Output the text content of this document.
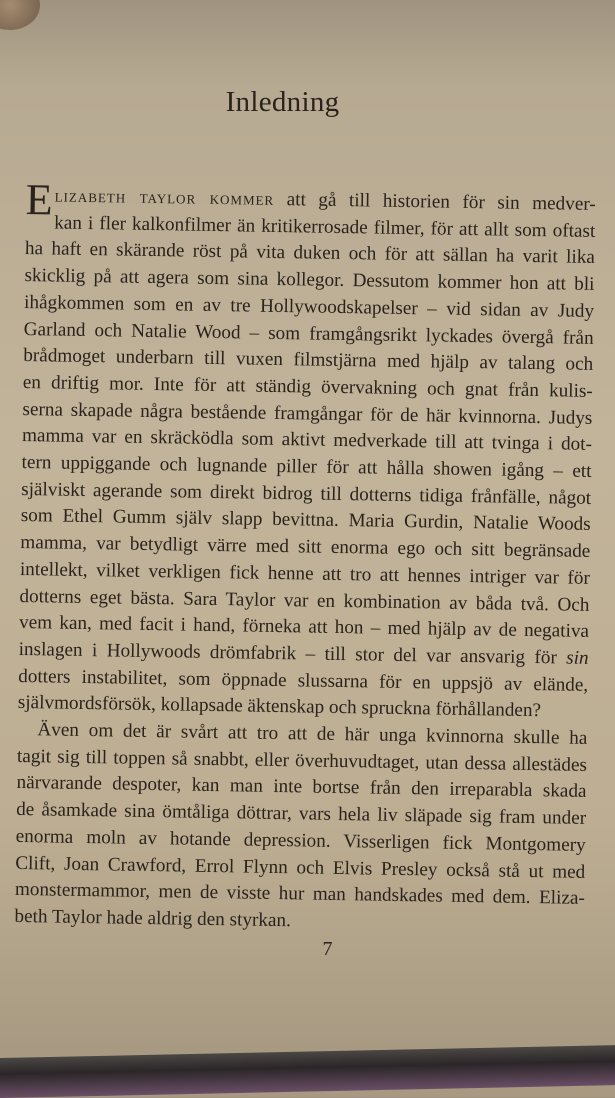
Inledning
Elizabeth taylor kommer att gå till historien för sin medver-
kan i fler kalkonfilmer än kritikerrosade filmer, för att allt som oftast
ha haft en skärande röst på vita duken och för att sällan ha varit lika
skicklig på att agera som sina kollegor. Dessutom kommer hon att bli
ihågkommen som en av tre Hollywoodskapelser – vid sidan av Judy
Garland och Natalie Wood – som framgångsrikt lyckades övergå från
brådmoget underbarn till vuxen filmstjärna med hjälp av talang och
en driftig mor. Inte för att ständig övervakning och gnat från kulis-
serna skapade några bestående framgångar för de här kvinnorna. Judys
mamma var en skräcködla som aktivt medverkade till att tvinga i dot-
tern uppiggande och lugnande piller för att hålla showen igång – ett
själviskt agerande som direkt bidrog till dotterns tidiga frånfälle, något
som Ethel Gumm själv slapp bevittna. Maria Gurdin, Natalie Woods
mamma, var betydligt värre med sitt enorma ego och sitt begränsade
intellekt, vilket verkligen fick henne att tro att hennes intriger var för
dotterns eget bästa. Sara Taylor var en kombination av båda två. Och
vem kan, med facit i hand, förneka att hon – med hjälp av de negativa
inslagen i Hollywoods drömfabrik – till stor del var ansvarig för sin
dotters instabilitet, som öppnade slussarna för en uppsjö av elände,
självmordsförsök, kollapsade äktenskap och spruckna förhållanden?
Även om det är svårt att tro att de här unga kvinnorna skulle ha
tagit sig till toppen så snabbt, eller överhuvudtaget, utan dessa allestädes
närvarande despoter, kan man inte bortse från den irreparabla skada
de åsamkade sina ömtåliga döttrar, vars hela liv släpade sig fram under
enorma moln av hotande depression. Visserligen fick Montgomery
Clift, Joan Crawford, Errol Flynn och Elvis Presley också stå ut med
monstermammor, men de visste hur man handskades med dem. Eliza-
beth Taylor hade aldrig den styrkan.
7
